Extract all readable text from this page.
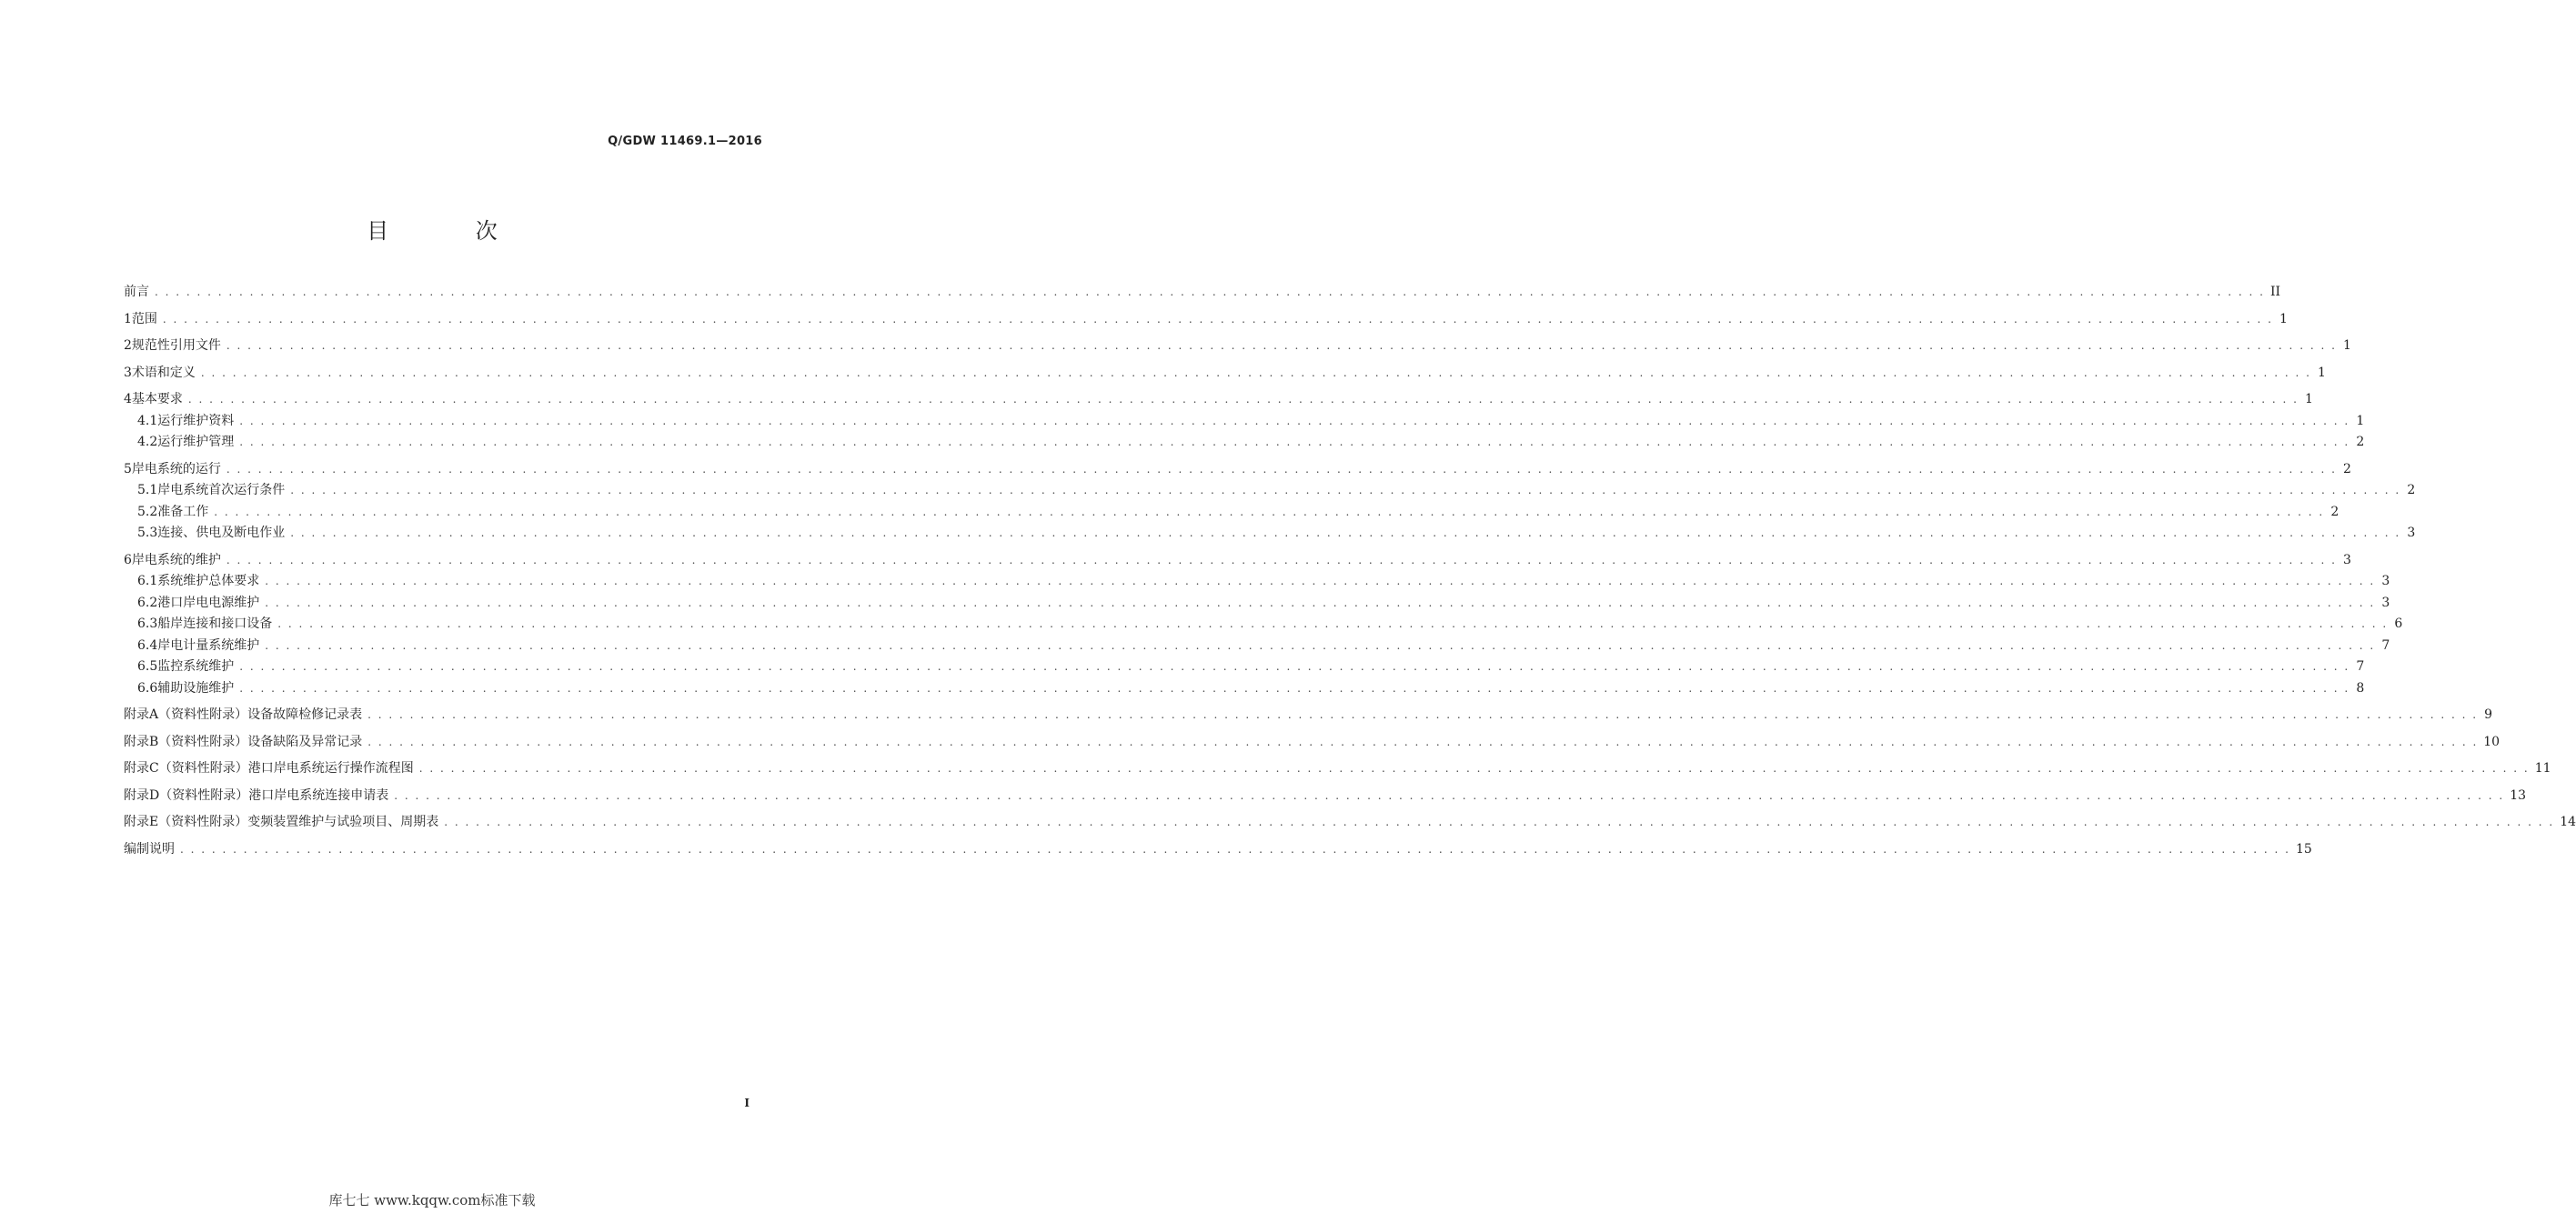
Q/GDW 11469.1—2016
目 次
前言 . . . . . . . . . . . . . . . . . . . . . . . . . . . . . . . . . . . . . . . . . . . . . . . . . . . . . . . . . . . . . . . . . . . . . . . . . . . . . . . . . . . . . . . . . . . . . . . . . . . . . . . . . . . . . . . . . . . . . . . . . . . . . . . . . . . . . . . . . . . . . . . . . . . . . . . . . . . . . . . . . . . . . . . . . . . . . . . . . . . . . . . . . . . . . . . . . . . . . . . . II
1 范围 . . . . . . . . . . . . . . . . . . . . . . . . . . . . . . . . . . . . . . . . . . . . . . . . . . . . . . . . . . . . . . . . . . . . . . . . . . . . . . . . . . . . . . . . . . . . . . . . . . . . . . . . . . . . . . . . . . . . . . . . . . . . . . . . . . . . . . . . . . . . . . . . . . . . . . . . . . . . . . . . . . . . . . . . . . . . . . . . . . . . . . . . . . . . . . . . . . . . . . . . 1
2 规范性引用文件 . . . . . . . . . . . . . . . . . . . . . . . . . . . . . . . . . . . . . . . . . . . . . . . . . . . . . . . . . . . . . . . . . . . . . . . . . . . . . . . . . . . . . . . . . . . . . . . . . . . . . . . . . . . . . . . . . . . . . . . . . . . . . . . . . . . . . . . . . . . . . . . . . . . . . . . . . . . . . . . . . . . . . . . . . . . . . . . . . . . . . . . . . . . . . . . . . . . . . . . . 1
3 术语和定义 . . . . . . . . . . . . . . . . . . . . . . . . . . . . . . . . . . . . . . . . . . . . . . . . . . . . . . . . . . . . . . . . . . . . . . . . . . . . . . . . . . . . . . . . . . . . . . . . . . . . . . . . . . . . . . . . . . . . . . . . . . . . . . . . . . . . . . . . . . . . . . . . . . . . . . . . . . . . . . . . . . . . . . . . . . . . . . . . . . . . . . . . . . . . . . . . . . . . . . . . 1
4 基本要求 . . . . . . . . . . . . . . . . . . . . . . . . . . . . . . . . . . . . . . . . . . . . . . . . . . . . . . . . . . . . . . . . . . . . . . . . . . . . . . . . . . . . . . . . . . . . . . . . . . . . . . . . . . . . . . . . . . . . . . . . . . . . . . . . . . . . . . . . . . . . . . . . . . . . . . . . . . . . . . . . . . . . . . . . . . . . . . . . . . . . . . . . . . . . . . . . . . . . . . . . 1
4.1 运行维护资料 . . . . . . . . . . . . . . . . . . . . . . . . . . . . . . . . . . . . . . . . . . . . . . . . . . . . . . . . . . . . . . . . . . . . . . . . . . . . . . . . . . . . . . . . . . . . . . . . . . . . . . . . . . . . . . . . . . . . . . . . . . . . . . . . . . . . . . . . . . . . . . . . . . . . . . . . . . . . . . . . . . . . . . . . . . . . . . . . . . . . . . . . . . . . . . . . . . . . . . . . 1
4.2 运行维护管理 . . . . . . . . . . . . . . . . . . . . . . . . . . . . . . . . . . . . . . . . . . . . . . . . . . . . . . . . . . . . . . . . . . . . . . . . . . . . . . . . . . . . . . . . . . . . . . . . . . . . . . . . . . . . . . . . . . . . . . . . . . . . . . . . . . . . . . . . . . . . . . . . . . . . . . . . . . . . . . . . . . . . . . . . . . . . . . . . . . . . . . . . . . . . . . . . . . . . . . . . 2
5 岸电系统的运行 . . . . . . . . . . . . . . . . . . . . . . . . . . . . . . . . . . . . . . . . . . . . . . . . . . . . . . . . . . . . . . . . . . . . . . . . . . . . . . . . . . . . . . . . . . . . . . . . . . . . . . . . . . . . . . . . . . . . . . . . . . . . . . . . . . . . . . . . . . . . . . . . . . . . . . . . . . . . . . . . . . . . . . . . . . . . . . . . . . . . . . . . . . . . . . . . . . . . . . . . 2
5.1 岸电系统首次运行条件 . . . . . . . . . . . . . . . . . . . . . . . . . . . . . . . . . . . . . . . . . . . . . . . . . . . . . . . . . . . . . . . . . . . . . . . . . . . . . . . . . . . . . . . . . . . . . . . . . . . . . . . . . . . . . . . . . . . . . . . . . . . . . . . . . . . . . . . . . . . . . . . . . . . . . . . . . . . . . . . . . . . . . . . . . . . . . . . . . . . . . . . . . . . . . . . . . . . . . . . . 2
5.2 准备工作 . . . . . . . . . . . . . . . . . . . . . . . . . . . . . . . . . . . . . . . . . . . . . . . . . . . . . . . . . . . . . . . . . . . . . . . . . . . . . . . . . . . . . . . . . . . . . . . . . . . . . . . . . . . . . . . . . . . . . . . . . . . . . . . . . . . . . . . . . . . . . . . . . . . . . . . . . . . . . . . . . . . . . . . . . . . . . . . . . . . . . . . . . . . . . . . . . . . . . . . . 2
5.3 连接、供电及断电作业 . . . . . . . . . . . . . . . . . . . . . . . . . . . . . . . . . . . . . . . . . . . . . . . . . . . . . . . . . . . . . . . . . . . . . . . . . . . . . . . . . . . . . . . . . . . . . . . . . . . . . . . . . . . . . . . . . . . . . . . . . . . . . . . . . . . . . . . . . . . . . . . . . . . . . . . . . . . . . . . . . . . . . . . . . . . . . . . . . . . . . . . . . . . . . . . . . . . . . . . . 3
6 岸电系统的维护 . . . . . . . . . . . . . . . . . . . . . . . . . . . . . . . . . . . . . . . . . . . . . . . . . . . . . . . . . . . . . . . . . . . . . . . . . . . . . . . . . . . . . . . . . . . . . . . . . . . . . . . . . . . . . . . . . . . . . . . . . . . . . . . . . . . . . . . . . . . . . . . . . . . . . . . . . . . . . . . . . . . . . . . . . . . . . . . . . . . . . . . . . . . . . . . . . . . . . . . . 3
6.1 系统维护总体要求 . . . . . . . . . . . . . . . . . . . . . . . . . . . . . . . . . . . . . . . . . . . . . . . . . . . . . . . . . . . . . . . . . . . . . . . . . . . . . . . . . . . . . . . . . . . . . . . . . . . . . . . . . . . . . . . . . . . . . . . . . . . . . . . . . . . . . . . . . . . . . . . . . . . . . . . . . . . . . . . . . . . . . . . . . . . . . . . . . . . . . . . . . . . . . . . . . . . . . . . . 3
6.2 港口岸电电源维护 . . . . . . . . . . . . . . . . . . . . . . . . . . . . . . . . . . . . . . . . . . . . . . . . . . . . . . . . . . . . . . . . . . . . . . . . . . . . . . . . . . . . . . . . . . . . . . . . . . . . . . . . . . . . . . . . . . . . . . . . . . . . . . . . . . . . . . . . . . . . . . . . . . . . . . . . . . . . . . . . . . . . . . . . . . . . . . . . . . . . . . . . . . . . . . . . . . . . . . . . 3
6.3 船岸连接和接口设备 . . . . . . . . . . . . . . . . . . . . . . . . . . . . . . . . . . . . . . . . . . . . . . . . . . . . . . . . . . . . . . . . . . . . . . . . . . . . . . . . . . . . . . . . . . . . . . . . . . . . . . . . . . . . . . . . . . . . . . . . . . . . . . . . . . . . . . . . . . . . . . . . . . . . . . . . . . . . . . . . . . . . . . . . . . . . . . . . . . . . . . . . . . . . . . . . . . . . . . . . 6
6.4 岸电计量系统维护 . . . . . . . . . . . . . . . . . . . . . . . . . . . . . . . . . . . . . . . . . . . . . . . . . . . . . . . . . . . . . . . . . . . . . . . . . . . . . . . . . . . . . . . . . . . . . . . . . . . . . . . . . . . . . . . . . . . . . . . . . . . . . . . . . . . . . . . . . . . . . . . . . . . . . . . . . . . . . . . . . . . . . . . . . . . . . . . . . . . . . . . . . . . . . . . . . . . . . . . . 7
6.5 监控系统维护 . . . . . . . . . . . . . . . . . . . . . . . . . . . . . . . . . . . . . . . . . . . . . . . . . . . . . . . . . . . . . . . . . . . . . . . . . . . . . . . . . . . . . . . . . . . . . . . . . . . . . . . . . . . . . . . . . . . . . . . . . . . . . . . . . . . . . . . . . . . . . . . . . . . . . . . . . . . . . . . . . . . . . . . . . . . . . . . . . . . . . . . . . . . . . . . . . . . . . . . . 7
6.6 辅助设施维护 . . . . . . . . . . . . . . . . . . . . . . . . . . . . . . . . . . . . . . . . . . . . . . . . . . . . . . . . . . . . . . . . . . . . . . . . . . . . . . . . . . . . . . . . . . . . . . . . . . . . . . . . . . . . . . . . . . . . . . . . . . . . . . . . . . . . . . . . . . . . . . . . . . . . . . . . . . . . . . . . . . . . . . . . . . . . . . . . . . . . . . . . . . . . . . . . . . . . . . . . 8
附录A（资料性附录） 设备故障检修记录表 . . . . . . . . . . . . . . . . . . . . . . . . . . . . . . . . . . . . . . . . . . . . . . . . . . . . . . . . . . . . . . . . . . . . . . . . . . . . . . . . . . . . . . . . . . . . . . . . . . . . . . . . . . . . . . . . . . . . . . . . . . . . . . . . . . . . . . . . . . . . . . . . . . . . . . . . . . . . . . . . . . . . . . . . . . . . . . . . . . . . . . . . . . . . . . . . . . . . . . . . 9
附录B（资料性附录） 设备缺陷及异常记录 . . . . . . . . . . . . . . . . . . . . . . . . . . . . . . . . . . . . . . . . . . . . . . . . . . . . . . . . . . . . . . . . . . . . . . . . . . . . . . . . . . . . . . . . . . . . . . . . . . . . . . . . . . . . . . . . . . . . . . . . . . . . . . . . . . . . . . . . . . . . . . . . . . . . . . . . . . . . . . . . . . . . . . . . . . . . . . . . . . . . . . . . . . . . . . . . . . . . . . . . 10
附录C（资料性附录） 港口岸电系统运行操作流程图 . . . . . . . . . . . . . . . . . . . . . . . . . . . . . . . . . . . . . . . . . . . . . . . . . . . . . . . . . . . . . . . . . . . . . . . . . . . . . . . . . . . . . . . . . . . . . . . . . . . . . . . . . . . . . . . . . . . . . . . . . . . . . . . . . . . . . . . . . . . . . . . . . . . . . . . . . . . . . . . . . . . . . . . . . . . . . . . . . . . . . . . . . . . . . . . . . . . . . . . . 11
附录D（资料性附录） 港口岸电系统连接申请表 . . . . . . . . . . . . . . . . . . . . . . . . . . . . . . . . . . . . . . . . . . . . . . . . . . . . . . . . . . . . . . . . . . . . . . . . . . . . . . . . . . . . . . . . . . . . . . . . . . . . . . . . . . . . . . . . . . . . . . . . . . . . . . . . . . . . . . . . . . . . . . . . . . . . . . . . . . . . . . . . . . . . . . . . . . . . . . . . . . . . . . . . . . . . . . . . . . . . . . . . 13
附录E（资料性附录） 变频装置维护与试验项目、周期表 . . . . . . . . . . . . . . . . . . . . . . . . . . . . . . . . . . . . . . . . . . . . . . . . . . . . . . . . . . . . . . . . . . . . . . . . . . . . . . . . . . . . . . . . . . . . . . . . . . . . . . . . . . . . . . . . . . . . . . . . . . . . . . . . . . . . . . . . . . . . . . . . . . . . . . . . . . . . . . . . . . . . . . . . . . . . . . . . . . . . . . . . . . . . . . . . . . . . . . . . 14
编制说明 . . . . . . . . . . . . . . . . . . . . . . . . . . . . . . . . . . . . . . . . . . . . . . . . . . . . . . . . . . . . . . . . . . . . . . . . . . . . . . . . . . . . . . . . . . . . . . . . . . . . . . . . . . . . . . . . . . . . . . . . . . . . . . . . . . . . . . . . . . . . . . . . . . . . . . . . . . . . . . . . . . . . . . . . . . . . . . . . . . . . . . . . . . . . . . . . . . . . . . . . 15
I
库七七 www.kqqw.com标准下载
